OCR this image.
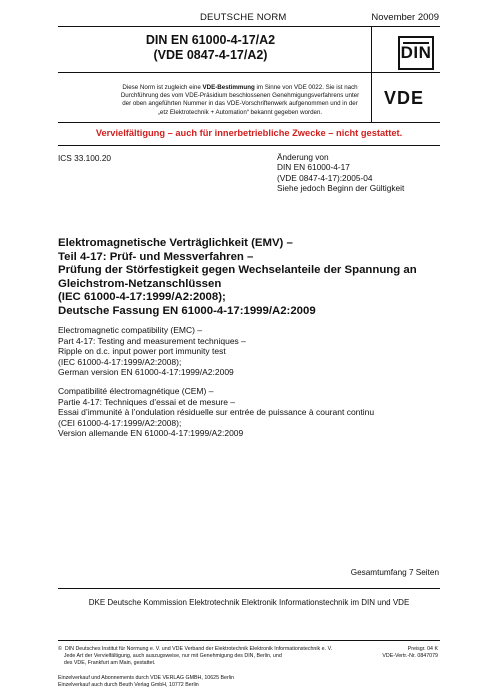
DEUTSCHE NORM	November 2009
DIN EN 61000-4-17/A2
(VDE 0847-4-17/A2)
Diese Norm ist zugleich eine VDE-Bestimmung im Sinne von VDE 0022. Sie ist nach Durchführung des vom VDE-Präsidium beschlossenen Genehmigungsverfahrens unter der oben angeführten Nummer in das VDE-Vorschriftenwerk aufgenommen und in der „etz Elektrotechnik + Automation“ bekannt gegeben worden.
DIN
VDE
Vervielfältigung – auch für innerbetriebliche Zwecke – nicht gestattet.
ICS 33.100.20	Änderung von
DIN EN 61000-4-17
(VDE 0847-4-17):2005-04
Siehe jedoch Beginn der Gültigkeit
Elektromagnetische Verträglichkeit (EMV) –
Teil 4-17: Prüf- und Messverfahren –
Prüfung der Störfestigkeit gegen Wechselanteile der Spannung an
Gleichstrom-Netzanschlüssen
(IEC 61000-4-17:1999/A2:2008);
Deutsche Fassung EN 61000-4-17:1999/A2:2009
Electromagnetic compatibility (EMC) –
Part 4-17: Testing and measurement techniques –
Ripple on d.c. input power port immunity test
(IEC 61000-4-17:1999/A2:2008);
German version EN 61000-4-17:1999/A2:2009
Compatibilité électromagnétique (CEM) –
Partie 4-17: Techniques d’essai et de mesure –
Essai d’immunité à l’ondulation résiduelle sur entrée de puissance à courant continu
(CEI 61000-4-17:1999/A2:2008);
Version allemande EN 61000-4-17:1999/A2:2009
Gesamtumfang 7 Seiten
DKE Deutsche Kommission Elektrotechnik Elektronik Informationstechnik im DIN und VDE
©  DIN Deutsches Institut für Normung e. V. und VDE Verband der Elektrotechnik Elektronik Informationstechnik e. V.
Jede Art der Vervielfältigung, auch auszugsweise, nur mit Genehmigung des DIN, Berlin, und
des VDE, Frankfurt am Main, gestattet.
Preisgr. 04 K
VDE-Vertr.-Nr. 0847079
Einzelverkauf und Abonnements durch VDE VERLAG GMBH, 10625 Berlin
Einzelverkauf auch durch Beuth Verlag GmbH, 10772 Berlin
